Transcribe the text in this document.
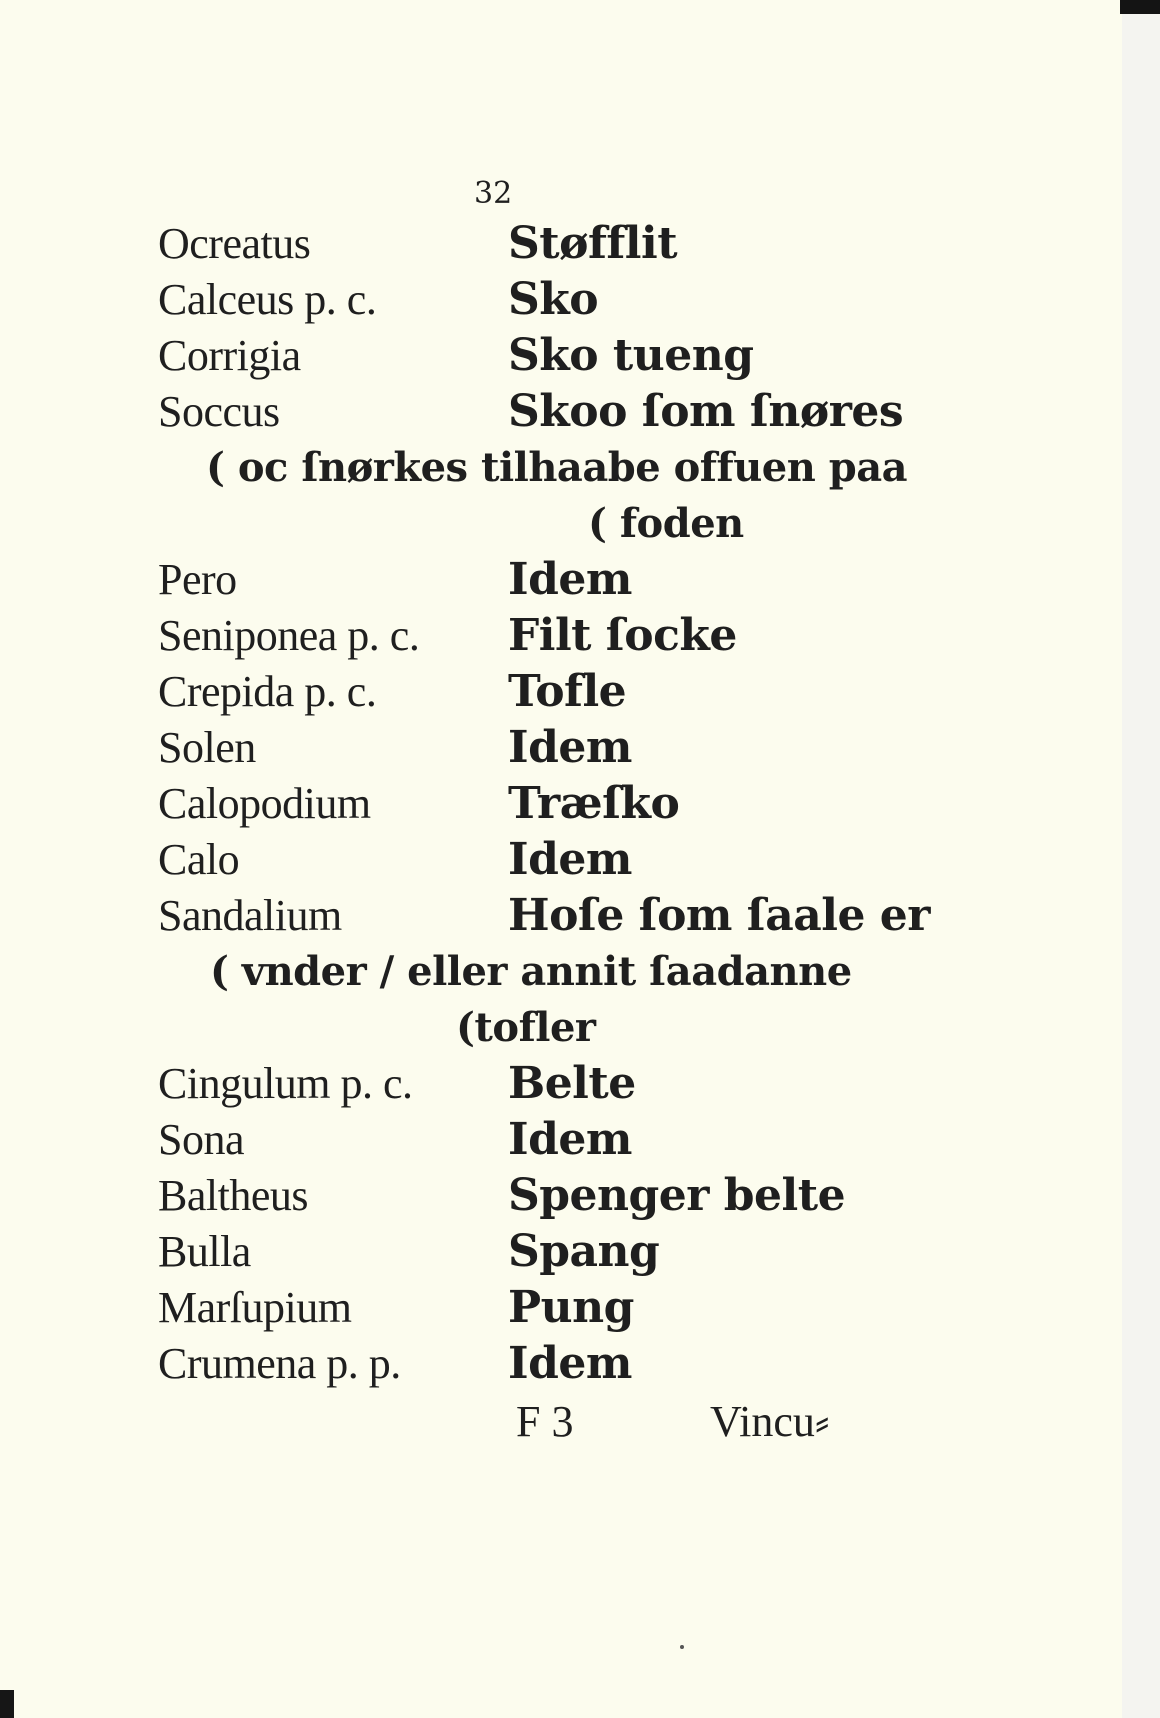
32
Ocreatus	Støfflit
Calceus p. c.	Sko
Corrigia	Sko tueng
Soccus	Skoo ſom ſnøres
( oc ſnørkes tilhaabe offuen paa
( foden
Pero	Idem
Seniponea p. c. Filt ſocke
Crepida p. c.	Tofle
Solen	Idem
Calopodium	Træſko
Calo	Idem
Sandalium	Hoſe ſom ſaale er
( vnder / eller annit ſaadanne
(tofler
Cingulum p. c. Belte
Sona	Idem
Baltheus	Spenger belte
Bulla	Spang
Marſupium	Pung
Crumena p. p. Idem
F 3	Vincu⸗
